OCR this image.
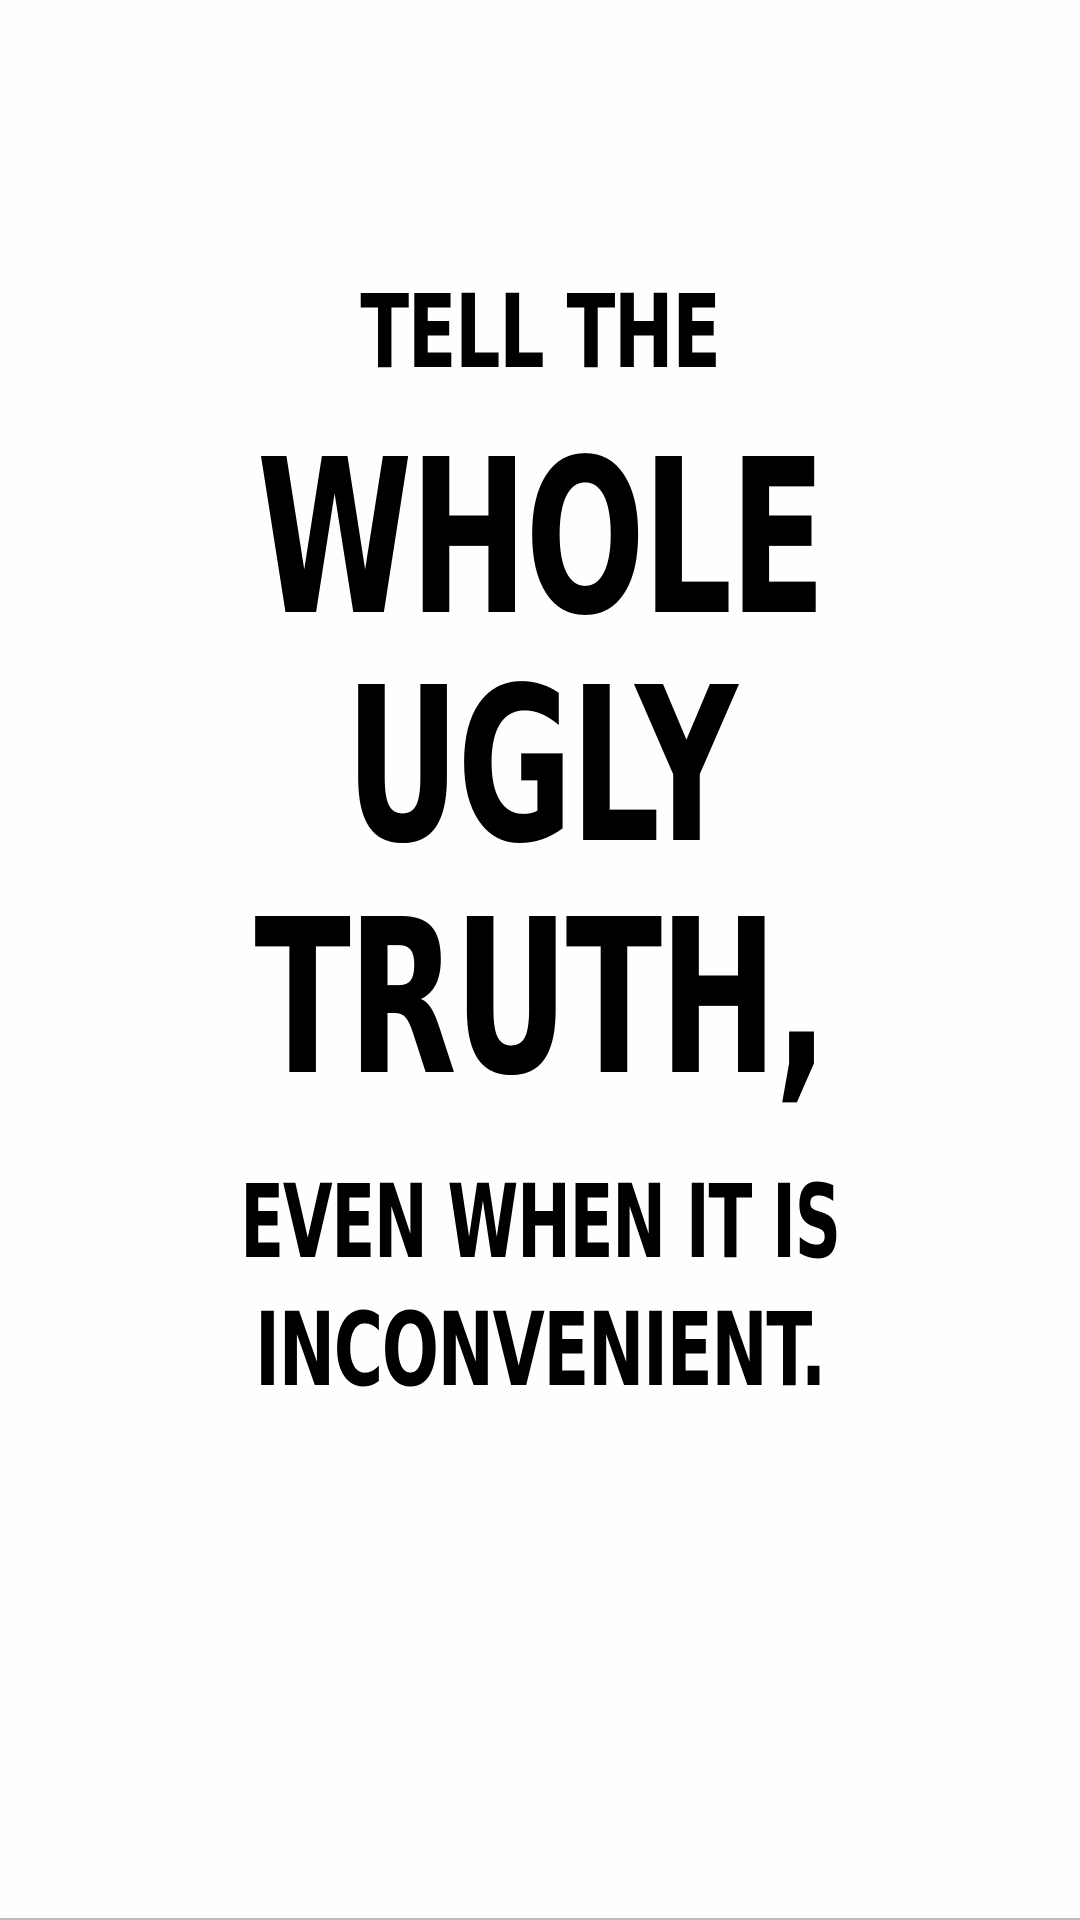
TELL THE
WHOLE
UGLY
TRUTH,
EVEN WHEN IT IS
INCONVENIENT.
